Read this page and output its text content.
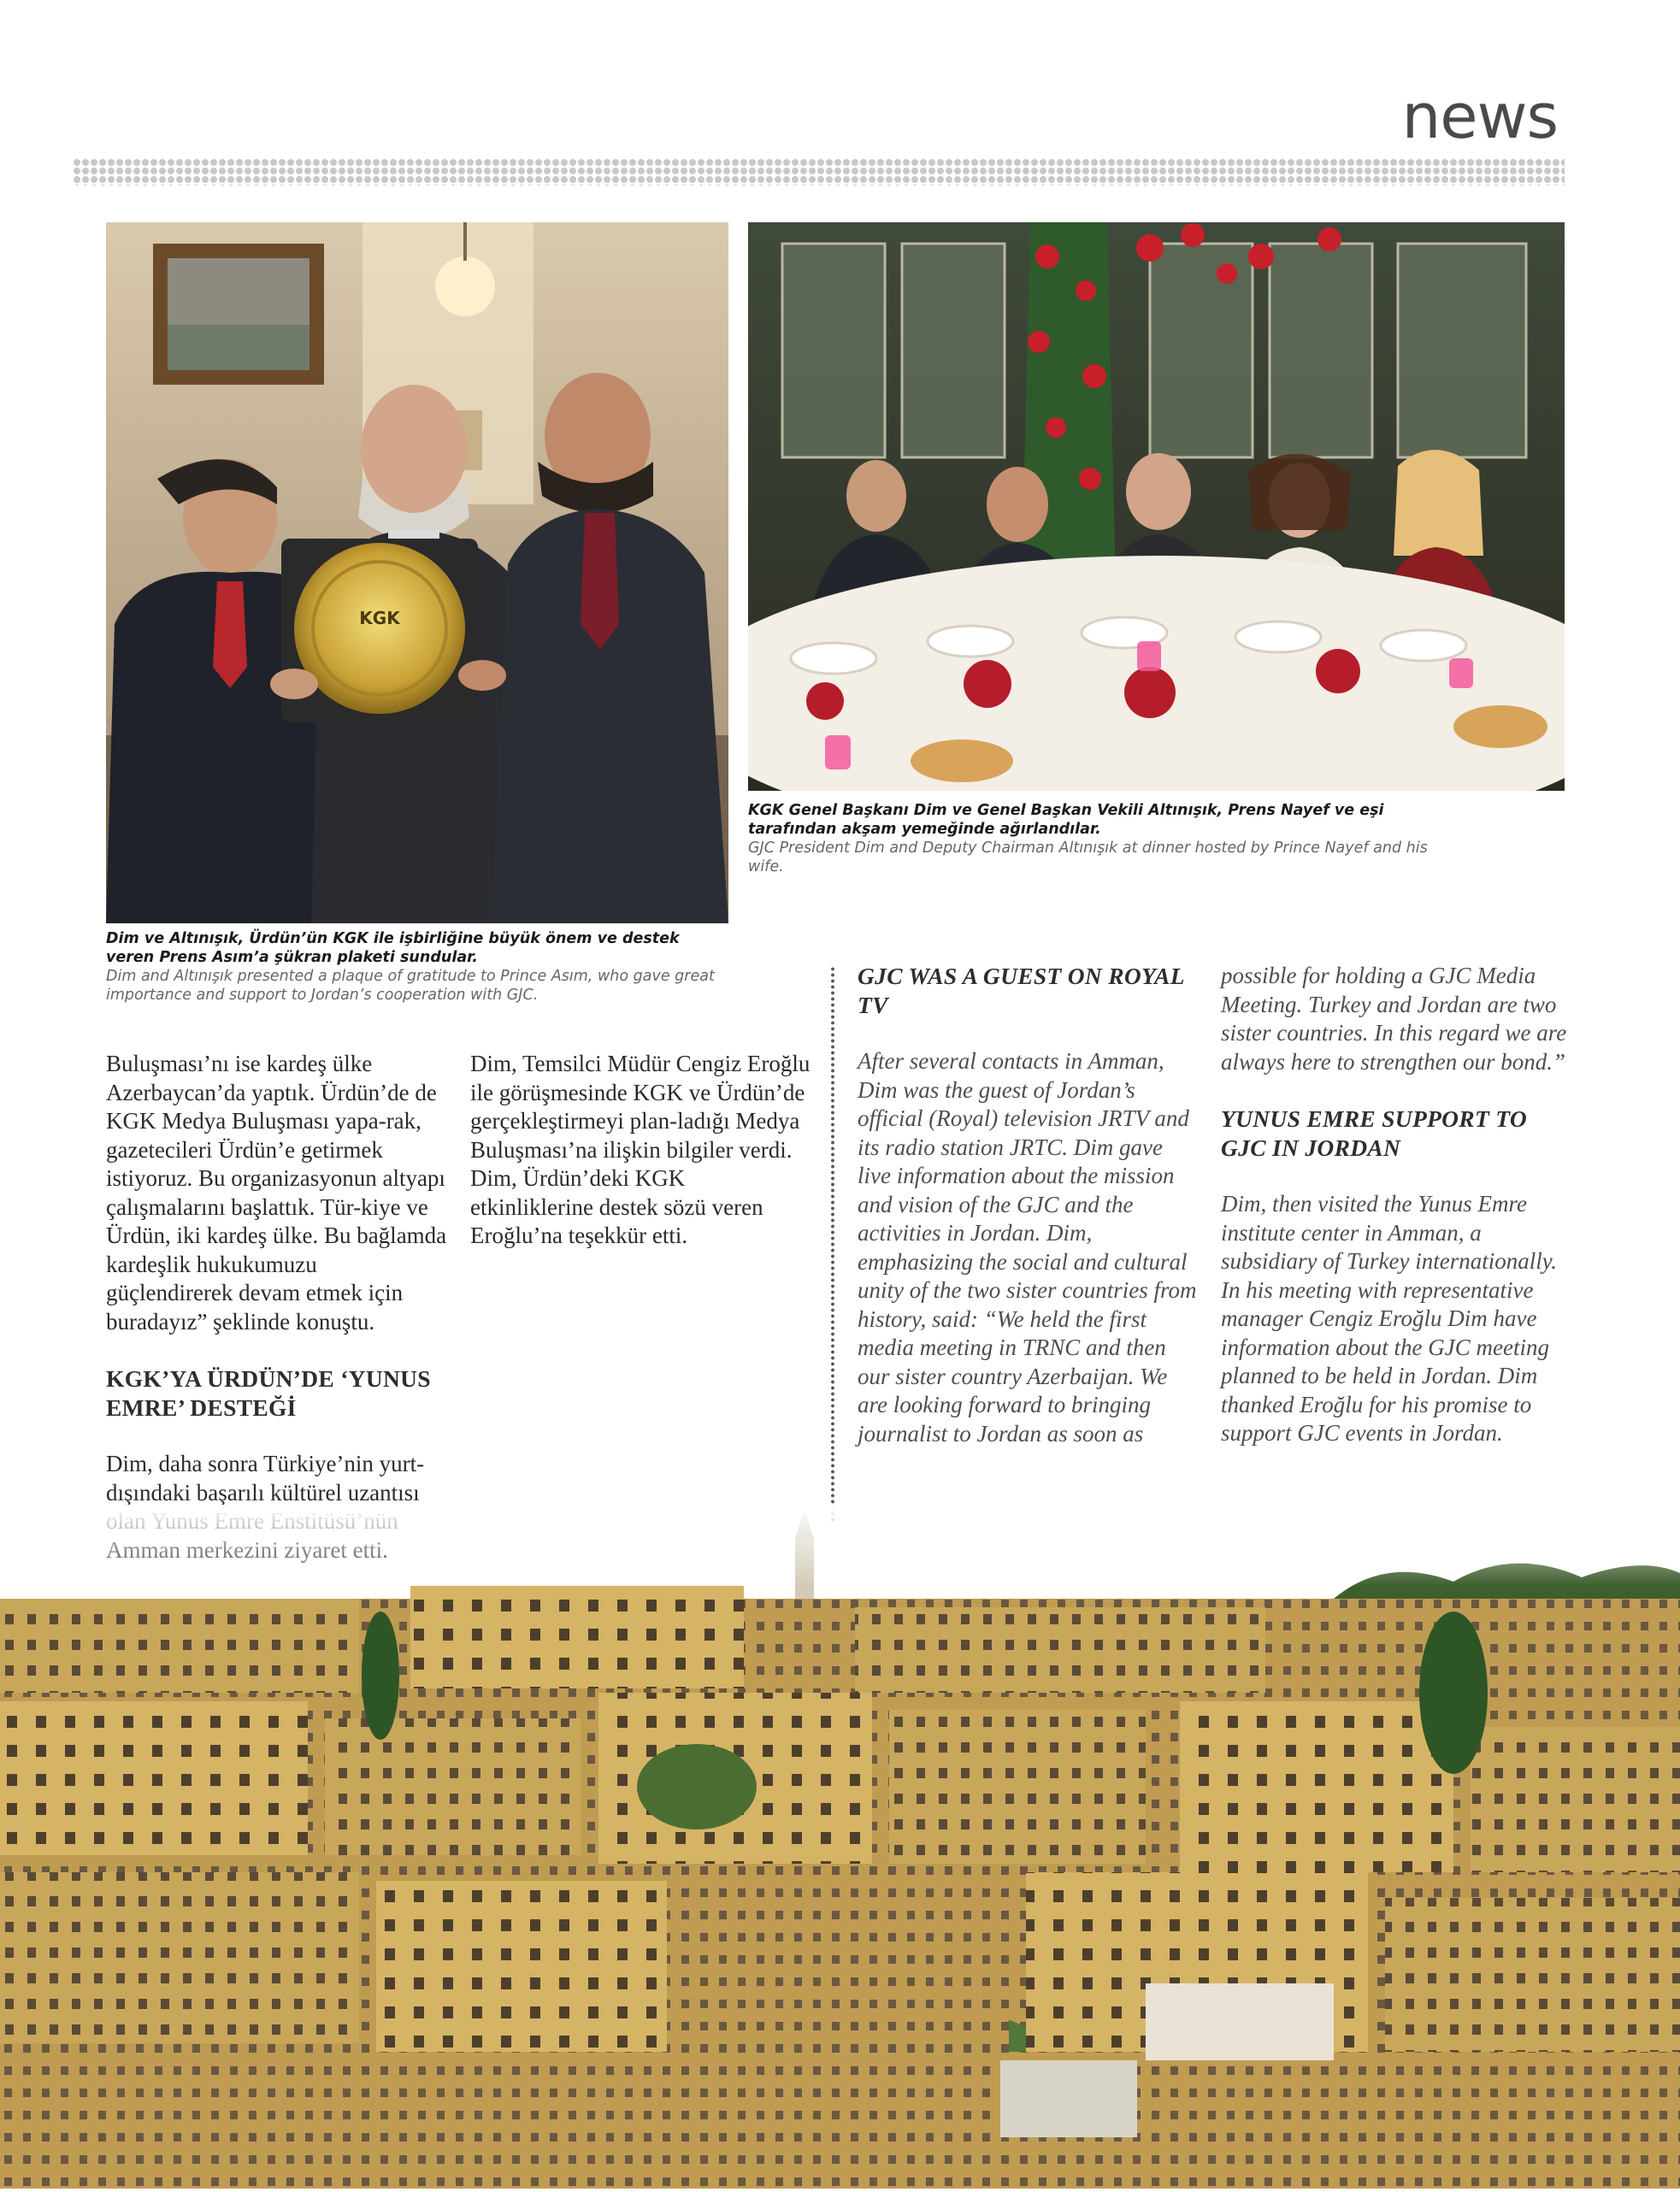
news
KGK
KGK Genel Başkanı Dim ve Genel Başkan Vekili Altınışık, Prens Nayef ve eşi tarafından akşam yemeğinde ağırlandılar.
GJC President Dim and Deputy Chairman Altınışık at dinner hosted by Prince Nayef and his wife.
Dim ve Altınışık, Ürdün’ün KGK ile işbirliğine büyük önem ve destek veren Prens Asım’a şükran plaketi sundular.
Dim and Altınışık presented a plaque of gratitude to Prince Asım, who gave great importance and support to Jordan’s cooperation with GJC.

Buluşması’nı ise kardeş ülke Azerbaycan’da yaptık. Ürdün’de de KGK Medya Buluşması yapa-rak, gazetecileri Ürdün’e getirmek istiyoruz. Bu organizasyonun altyapı çalışmalarını başlattık. Tür-kiye ve Ürdün, iki kardeş ülke. Bu bağlamda kardeşlik hukukumuzu güçlendirerek devam etmek için buradayız” şeklinde konuştu.

KGK’YA ÜRDÜN’DE ‘YUNUS EMRE’ DESTEĞİ

Dim, daha sonra Türkiye’nin yurt-dışındaki başarılı kültürel uzantısı

Dim, Temsilci Müdür Cengiz Eroğlu ile görüşmesinde KGK ve Ürdün’de gerçekleştirmeyi plan-ladığı Medya Buluşması’na ilişkin bilgiler verdi. Dim, Ürdün’deki KGK etkinliklerine destek sözü veren Eroğlu’na teşekkür etti.

GJC WAS A GUEST ON ROYAL TV

After several contacts in Amman, Dim was the guest of Jordan’s official (Royal) television JRTV and its radio station JRTC. Dim gave live information about the mission and vision of the GJC and the activities in Jordan. Dim, emphasizing the social and cultural unity of the two sister countries from history, said: “We held the first media meeting in TRNC and then our sister country Azerbaijan. We are looking forward to bringing journalist to Jordan as soon as

possible for holding a GJC Media Meeting. Turkey and Jordan are two sister countries. In this regard we are always here to strengthen our bond.”

YUNUS EMRE SUPPORT TO GJC IN JORDAN

Dim, then visited the Yunus Emre institute center in Amman, a subsidiary of Turkey internationally. In his meeting with representative manager Cengiz Eroğlu Dim have information about the GJC meeting planned to be held in Jordan. Dim thanked Eroğlu for his promise to support GJC events in Jordan.
